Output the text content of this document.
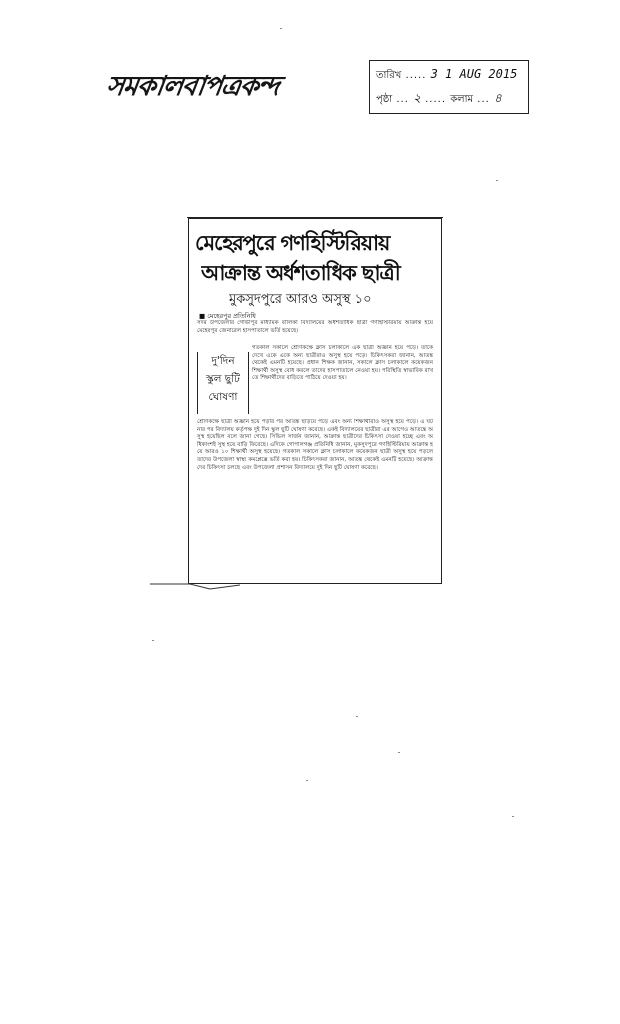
সমকালবাপত্রকন্দ	তারিখ ..... 3 1 AUG 2015
পৃষ্ঠা ... ২ ..... কলাম ... ৪
মেহেরপুরে গণহিস্টিরিয়ায়
আক্রান্ত অর্ধশতাধিক ছাত্রী
মুকসুদপুরে আরও অসুস্থ ১০
■ মেহেরপুর প্রতিনিধি
সদর উপজেলার গোভীপুর মাধ্যমিক বালিকা বিদ্যালয়ের অর্ধশতাধিক ছাত্রী গণহিস্টিরিয়ায় আক্রান্ত হয়ে মেহেরপুর জেনারেল হাসপাতালে ভর্তি হয়েছে।
দু'দিন
স্কুল ছুটি
ঘোষণা
গতকাল সকালে শ্রেণিকক্ষে ক্লাস চলাকালে এক ছাত্রী অজ্ঞান হয়ে পড়ে। তাকে দেখে একে একে অন্য ছাত্রীরাও অসুস্থ হয়ে পড়ে। চিকিৎসকরা জানান, আতঙ্ক থেকেই এমনটি হয়েছে। প্রধান শিক্ষক জানান, সকালে ক্লাস চলাকালে কয়েকজন শিক্ষার্থী অসুস্থ বোধ করলে তাদের হাসপাতালে নেওয়া হয়। পরিস্থিতি স্বাভাবিক রাখতে শিক্ষার্থীদের বাড়িতে পাঠিয়ে দেওয়া হয়।
শ্রেণিকক্ষে ছাত্রী অজ্ঞান হয়ে পড়ার পর আতঙ্ক ছড়িয়ে পড়ে এবং অন্য শিক্ষার্থীরাও অসুস্থ হয়ে পড়ে। এ ঘটনার পর বিদ্যালয় কর্তৃপক্ষ দুই দিন স্কুল ছুটি ঘোষণা করেছে। একই বিদ্যালয়ের ছাত্রীরা এর আগেও আতঙ্কে অসুস্থ হয়েছিল বলে জানা গেছে। সিভিল সার্জন জানান, আক্রান্ত ছাত্রীদের চিকিৎসা দেওয়া হচ্ছে এবং অধিকাংশই সুস্থ হয়ে বাড়ি ফিরেছে। এদিকে গোপালগঞ্জ প্রতিনিধি জানান, মুকসুদপুরে গণহিস্টিরিয়ায় আক্রান্ত হয়ে আরও ১০ শিক্ষার্থী অসুস্থ হয়েছে। গতকাল সকালে ক্লাস চলাকালে কয়েকজন ছাত্রী অসুস্থ হয়ে পড়লে তাদের উপজেলা স্বাস্থ্য কমপ্লেক্সে ভর্তি করা হয়। চিকিৎসকরা জানান, আতঙ্ক থেকেই এমনটি হয়েছে। আক্রান্তদের চিকিৎসা চলছে এবং উপজেলা প্রশাসন বিদ্যালয়ে দুই দিন ছুটি ঘোষণা করেছে।
